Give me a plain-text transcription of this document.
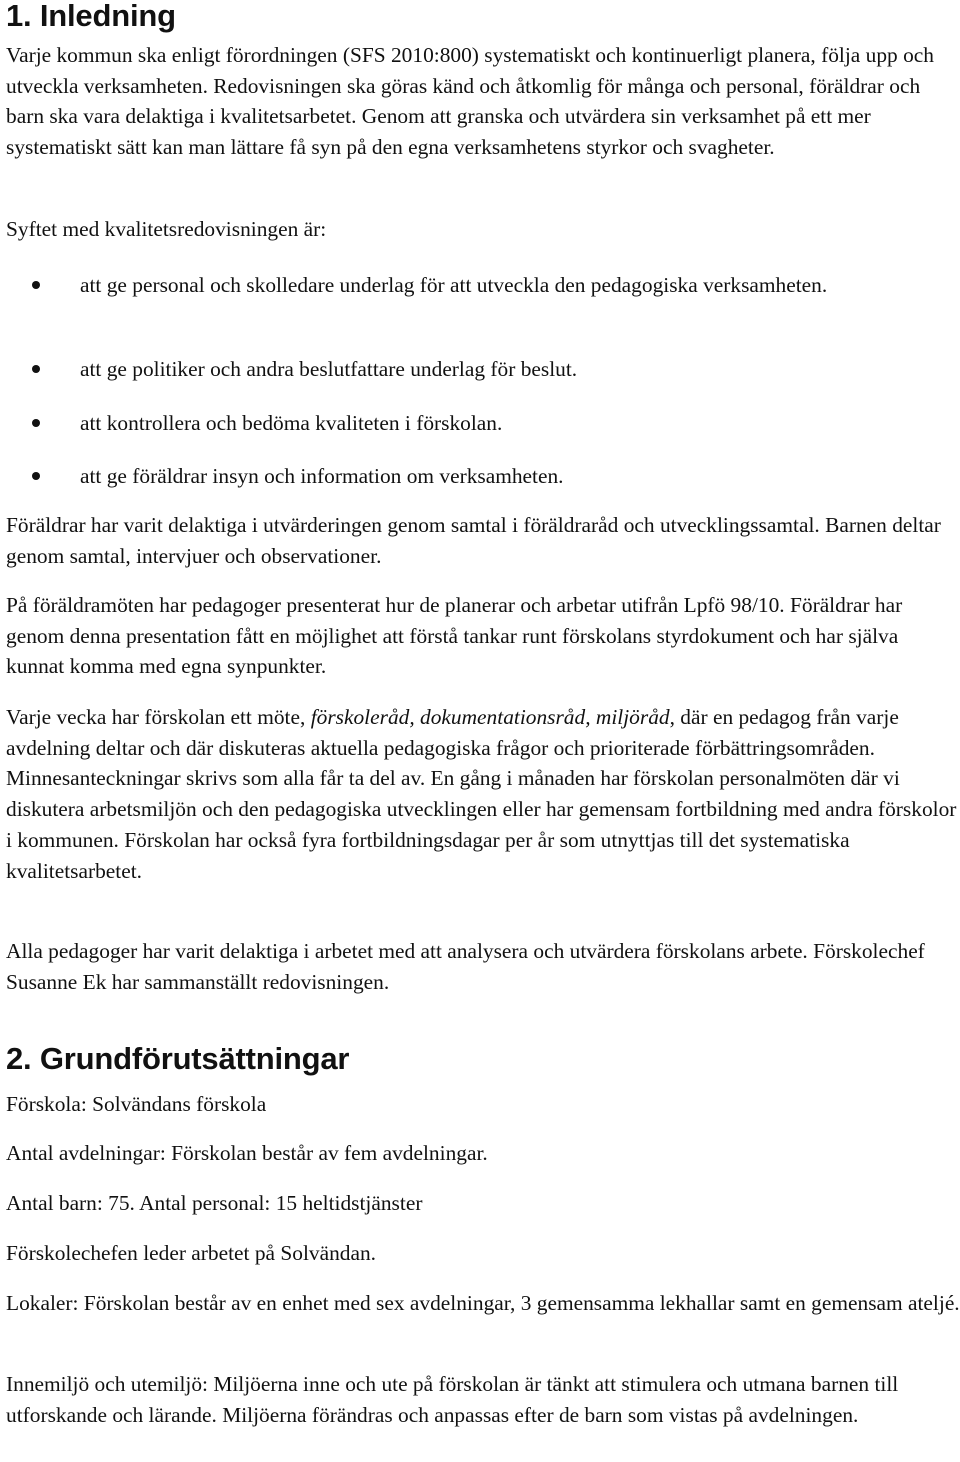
1. Inledning

Varje kommun ska enligt förordningen (SFS 2010:800) systematiskt och kontinuerligt planera, följa upp och utveckla verksamheten. Redovisningen ska göras känd och åtkomlig för många och personal, föräldrar och barn ska vara delaktiga i kvalitetsarbetet. Genom att granska och utvärdera sin verksamhet på ett mer systematiskt sätt kan man lättare få syn på den egna verksamhetens styrkor och svagheter.

Syftet med kvalitetsredovisningen är:

att ge personal och skolledare underlag för att utveckla den pedagogiska verksamheten.
att ge politiker och andra beslutfattare underlag för beslut.
att kontrollera och bedöma kvaliteten i förskolan.
att ge föräldrar insyn och information om verksamheten.

Föräldrar har varit delaktiga i utvärderingen genom samtal i föräldraråd och utvecklingssamtal. Barnen deltar genom samtal, intervjuer och observationer.

På föräldramöten har pedagoger presenterat hur de planerar och arbetar utifrån Lpfö 98/10. Föräldrar har genom denna presentation fått en möjlighet att förstå tankar runt förskolans styrdokument och har själva kunnat komma med egna synpunkter.

Varje vecka har förskolan ett möte, förskoleråd, dokumentationsråd, miljöråd, där en pedagog från varje avdelning deltar och där diskuteras aktuella pedagogiska frågor och prioriterade förbättringsområden. Minnesanteckningar skrivs som alla får ta del av. En gång i månaden har förskolan personalmöten där vi diskutera arbetsmiljön och den pedagogiska utvecklingen eller har gemensam fortbildning med andra förskolor i kommunen. Förskolan har också fyra fortbildningsdagar per år som utnyttjas till det systematiska kvalitetsarbetet.

Alla pedagoger har varit delaktiga i arbetet med att analysera och utvärdera förskolans arbete. Förskolechef Susanne Ek har sammanställt redovisningen.

2. Grundförutsättningar

Förskola: Solvändans förskola

Antal avdelningar: Förskolan består av fem avdelningar.

Antal barn: 75. Antal personal: 15 heltidstjänster

Förskolechefen leder arbetet på Solvändan.

Lokaler: Förskolan består av en enhet med sex avdelningar, 3 gemensamma lekhallar samt en gemensam ateljé.

Innemiljö och utemiljö: Miljöerna inne och ute på förskolan är tänkt att stimulera och utmana barnen till utforskande och lärande. Miljöerna förändras och anpassas efter de barn som vistas på avdelningen.
